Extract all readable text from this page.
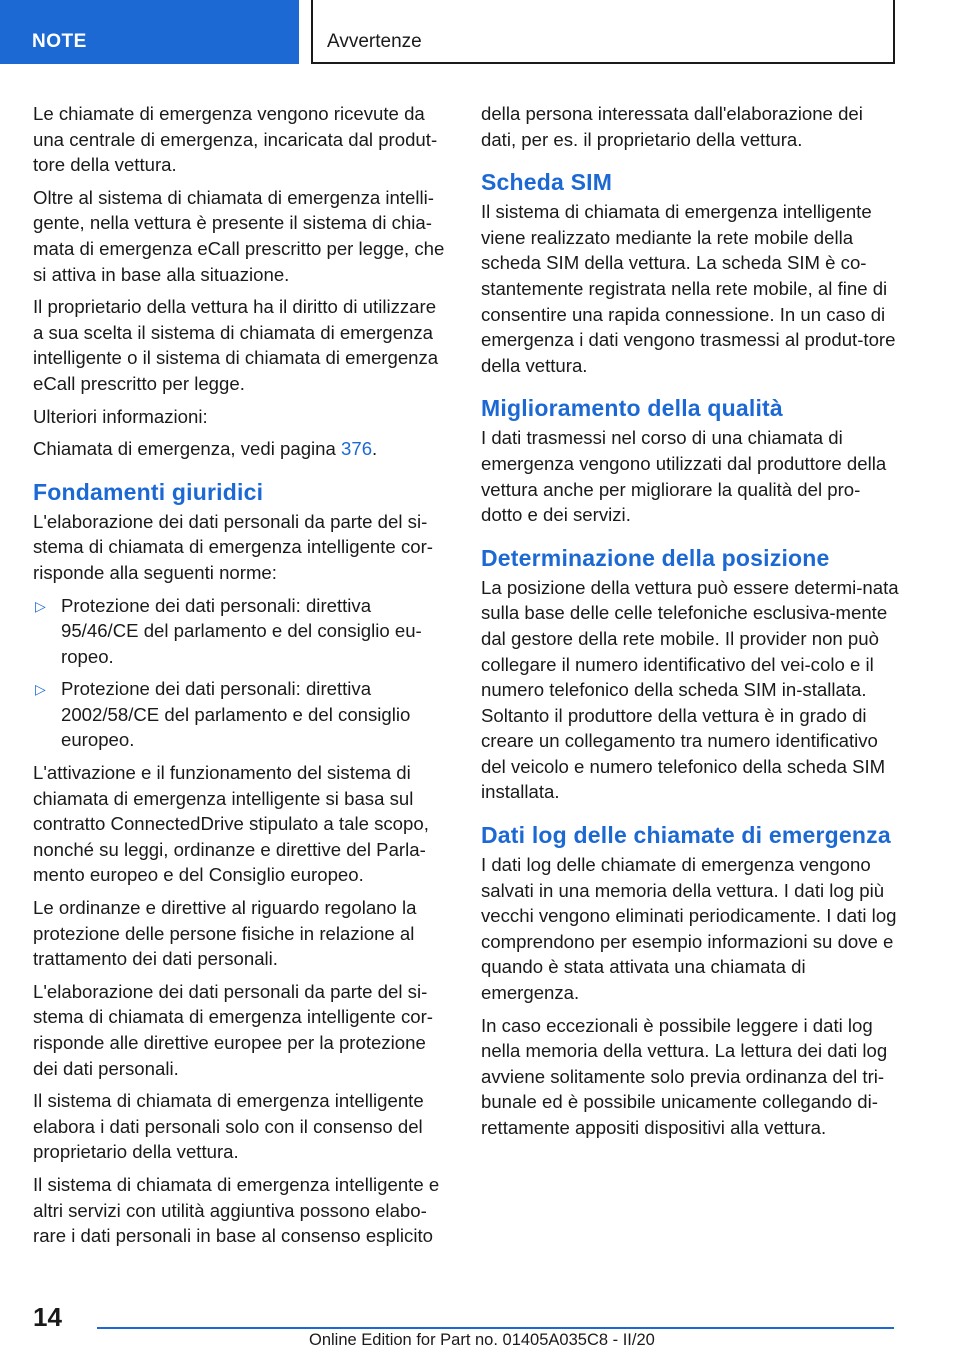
NOTE	Avvertenze

Le chiamate di emergenza vengono ricevute da una centrale di emergenza, incaricata dal produt-tore della vettura.

Oltre al sistema di chiamata di emergenza intelli-gente, nella vettura è presente il sistema di chia-mata di emergenza eCall prescritto per legge, che si attiva in base alla situazione.

Il proprietario della vettura ha il diritto di utilizzare a sua scelta il sistema di chiamata di emergenza intelligente o il sistema di chiamata di emergenza eCall prescritto per legge.

Ulteriori informazioni:

Chiamata di emergenza, vedi pagina 376.

Fondamenti giuridici

L'elaborazione dei dati personali da parte del si-stema di chiamata di emergenza intelligente cor-risponde alla seguenti norme:

▷ Protezione dei dati personali: direttiva 95/46/CE del parlamento e del consiglio eu-ropeo.
▷ Protezione dei dati personali: direttiva 2002/58/CE del parlamento e del consiglio europeo.

L'attivazione e il funzionamento del sistema di chiamata di emergenza intelligente si basa sul contratto ConnectedDrive stipulato a tale scopo, nonché su leggi, ordinanze e direttive del Parla-mento europeo e del Consiglio europeo.

Le ordinanze e direttive al riguardo regolano la protezione delle persone fisiche in relazione al trattamento dei dati personali.

L'elaborazione dei dati personali da parte del si-stema di chiamata di emergenza intelligente cor-risponde alle direttive europee per la protezione dei dati personali.

Il sistema di chiamata di emergenza intelligente elabora i dati personali solo con il consenso del proprietario della vettura.

Il sistema di chiamata di emergenza intelligente e altri servizi con utilità aggiuntiva possono elabo-rare i dati personali in base al consenso esplicito

della persona interessata dall'elaborazione dei dati, per es. il proprietario della vettura.

Scheda SIM

Il sistema di chiamata di emergenza intelligente viene realizzato mediante la rete mobile della scheda SIM della vettura. La scheda SIM è co-stantemente registrata nella rete mobile, al fine di consentire una rapida connessione. In un caso di emergenza i dati vengono trasmessi al produt-tore della vettura.

Miglioramento della qualità

I dati trasmessi nel corso di una chiamata di emergenza vengono utilizzati dal produttore della vettura anche per migliorare la qualità del pro-dotto e dei servizi.

Determinazione della posizione

La posizione della vettura può essere determi-nata sulla base delle celle telefoniche esclusiva-mente dal gestore della rete mobile. Il provider non può collegare il numero identificativo del vei-colo e il numero telefonico della scheda SIM in-stallata. Soltanto il produttore della vettura è in grado di creare un collegamento tra numero identificativo del veicolo e numero telefonico della scheda SIM installata.

Dati log delle chiamate di emergenza

I dati log delle chiamate di emergenza vengono salvati in una memoria della vettura. I dati log più vecchi vengono eliminati periodicamente. I dati log comprendono per esempio informazioni su dove e quando è stata attivata una chiamata di emergenza.

In caso eccezionali è possibile leggere i dati log nella memoria della vettura. La lettura dei dati log avviene solitamente solo previa ordinanza del tri-bunale ed è possibile unicamente collegando di-rettamente appositi dispositivi alla vettura.

14
Online Edition for Part no. 01405A035C8 - II/20
